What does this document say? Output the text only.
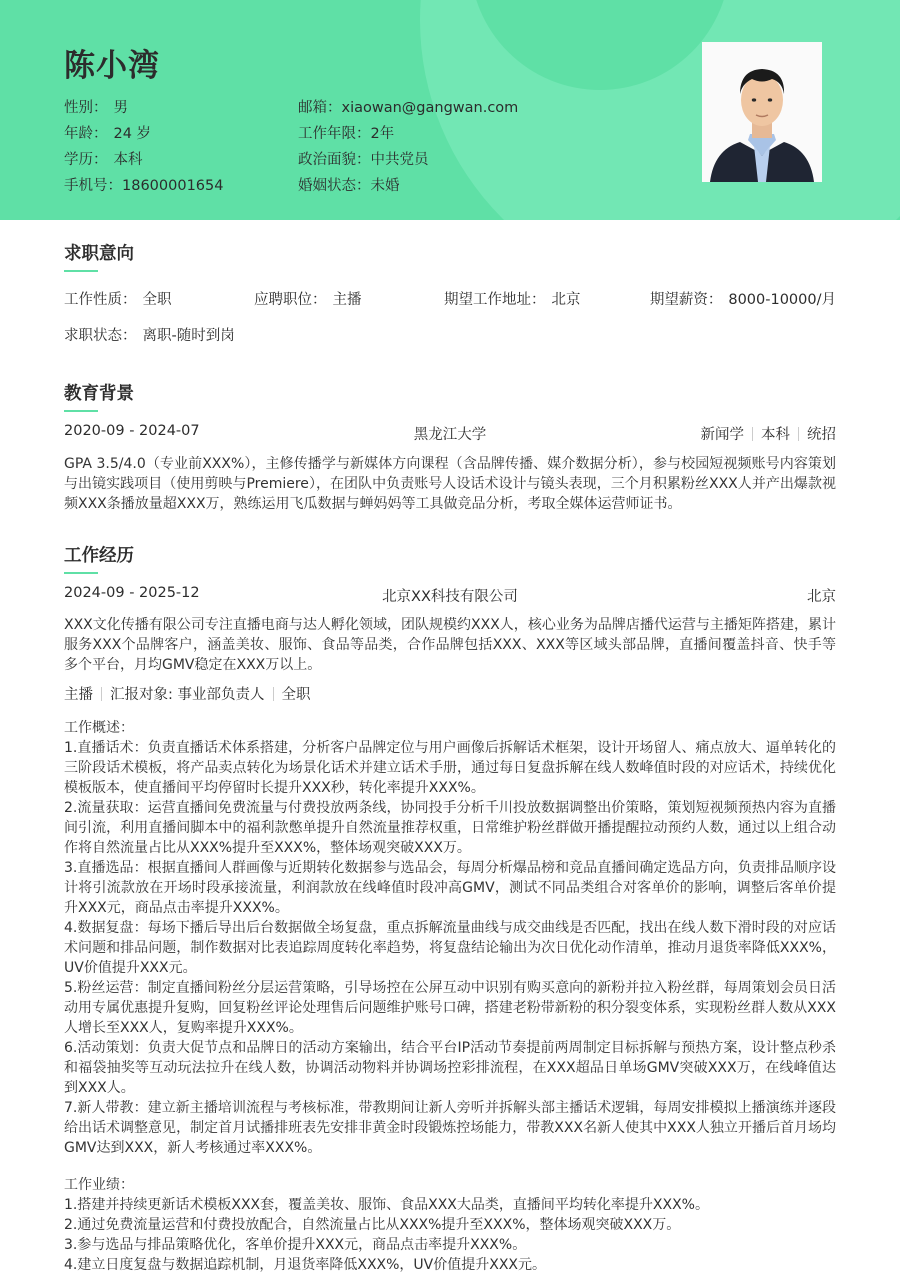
陈小湾
性别： 男
年龄： 24 岁
学历： 本科
手机号：18600001654
邮箱：xiaowan@gangwan.com
工作年限：2年
政治面貌：中共党员
婚姻状态：未婚
求职意向
工作性质： 全职	应聘职位： 主播	期望工作地址： 北京	期望薪资： 8000-10000/月
求职状态： 离职-随时到岗
教育背景
2020-09 - 2024-07	黑龙江大学	新闻学 本科 统招
GPA 3.5/4.0（专业前XXX%），主修传播学与新媒体方向课程（含品牌传播、媒介数据分析），参与校园短视频账号内容策划与出镜实践项目（使用剪映与Premiere），在团队中负责账号人设话术设计与镜头表现，三个月积累粉丝XXX人并产出爆款视频XXX条播放量超XXX万，熟练运用飞瓜数据与蝉妈妈等工具做竞品分析，考取全媒体运营师证书。
工作经历
2024-09 - 2025-12	北京XX科技有限公司	北京
XXX文化传播有限公司专注直播电商与达人孵化领域，团队规模约XXX人，核心业务为品牌店播代运营与主播矩阵搭建，累计服务XXX个品牌客户，涵盖美妆、服饰、食品等品类，合作品牌包括XXX、XXX等区域头部品牌，直播间覆盖抖音、快手等多个平台，月均GMV稳定在XXX万以上。
主播 汇报对象: 事业部负责人 全职
工作概述：
1.直播话术：负责直播话术体系搭建，分析客户品牌定位与用户画像后拆解话术框架，设计开场留人、痛点放大、逼单转化的三阶段话术模板，将产品卖点转化为场景化话术并建立话术手册，通过每日复盘拆解在线人数峰值时段的对应话术，持续优化模板版本，使直播间平均停留时长提升XXX秒，转化率提升XXX%。
2.流量获取：运营直播间免费流量与付费投放两条线，协同投手分析千川投放数据调整出价策略，策划短视频预热内容为直播间引流，利用直播间脚本中的福利款憋单提升自然流量推荐权重，日常维护粉丝群做开播提醒拉动预约人数，通过以上组合动作将自然流量占比从XXX%提升至XXX%，整体场观突破XXX万。
3.直播选品：根据直播间人群画像与近期转化数据参与选品会，每周分析爆品榜和竞品直播间确定选品方向，负责排品顺序设计将引流款放在开场时段承接流量，利润款放在线峰值时段冲高GMV，测试不同品类组合对客单价的影响，调整后客单价提升XXX元，商品点击率提升XXX%。
4.数据复盘：每场下播后导出后台数据做全场复盘，重点拆解流量曲线与成交曲线是否匹配，找出在线人数下滑时段的对应话术问题和排品问题，制作数据对比表追踪周度转化率趋势，将复盘结论输出为次日优化动作清单，推动月退货率降低XXX%，UV价值提升XXX元。
5.粉丝运营：制定直播间粉丝分层运营策略，引导场控在公屏互动中识别有购买意向的新粉并拉入粉丝群，每周策划会员日活动用专属优惠提升复购，回复粉丝评论处理售后问题维护账号口碑，搭建老粉带新粉的积分裂变体系，实现粉丝群人数从XXX人增长至XXX人，复购率提升XXX%。
6.活动策划：负责大促节点和品牌日的活动方案输出，结合平台IP活动节奏提前两周制定目标拆解与预热方案，设计整点秒杀和福袋抽奖等互动玩法拉升在线人数，协调活动物料并协调场控彩排流程，在XXX超品日单场GMV突破XXX万，在线峰值达到XXX人。
7.新人带教：建立新主播培训流程与考核标准，带教期间让新人旁听并拆解头部主播话术逻辑，每周安排模拟上播演练并逐段给出话术调整意见，制定首月试播排班表先安排非黄金时段锻炼控场能力，带教XXX名新人使其中XXX人独立开播后首月场均GMV达到XXX，新人考核通过率XXX%。
工作业绩：
1.搭建并持续更新话术模板XXX套，覆盖美妆、服饰、食品XXX大品类，直播间平均转化率提升XXX%。
2.通过免费流量运营和付费投放配合，自然流量占比从XXX%提升至XXX%，整体场观突破XXX万。
3.参与选品与排品策略优化，客单价提升XXX元，商品点击率提升XXX%。
4.建立日度复盘与数据追踪机制，月退货率降低XXX%，UV价值提升XXX元。
